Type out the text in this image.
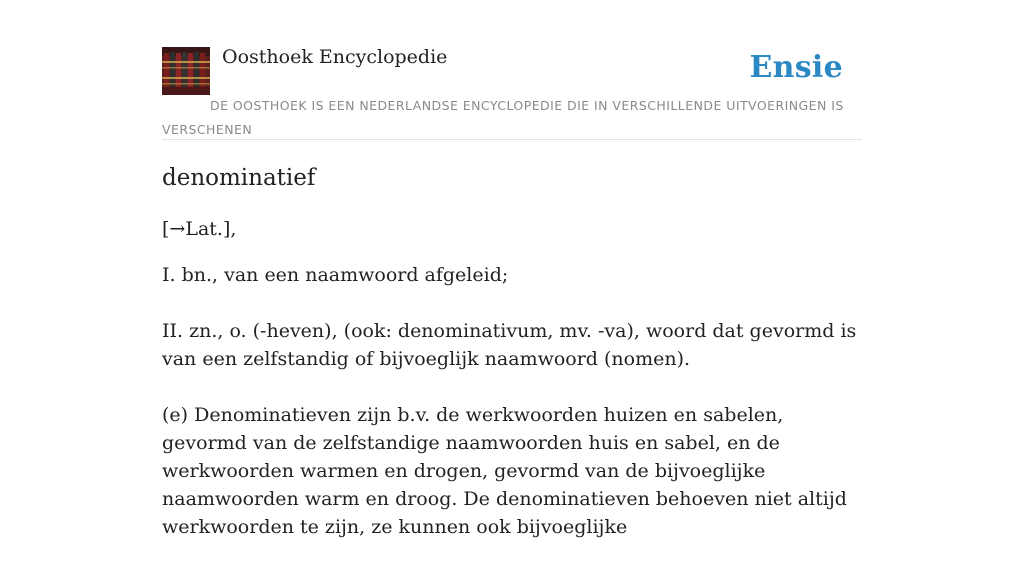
Oosthoek Encyclopedie	Ensie
DE OOSTHOEK IS EEN NEDERLANDSE ENCYCLOPEDIE DIE IN VERSCHILLENDE UITVOERINGEN IS VERSCHENEN
denominatief
[→Lat.],

I. bn., van een naamwoord afgeleid;

II. zn., o. (-heven), (ook: denominativum, mv. -va), woord dat gevormd is van een zelfstandig of bijvoeglijk naamwoord (nomen).

(e) Denominatieven zijn b.v. de werkwoorden huizen en sabelen, gevormd van de zelfstandige naamwoorden huis en sabel, en de werkwoorden warmen en drogen, gevormd van de bijvoeglijke naamwoorden warm en droog. De denominatieven behoeven niet altijd werkwoorden te zijn, ze kunnen ook bijvoeglijke
